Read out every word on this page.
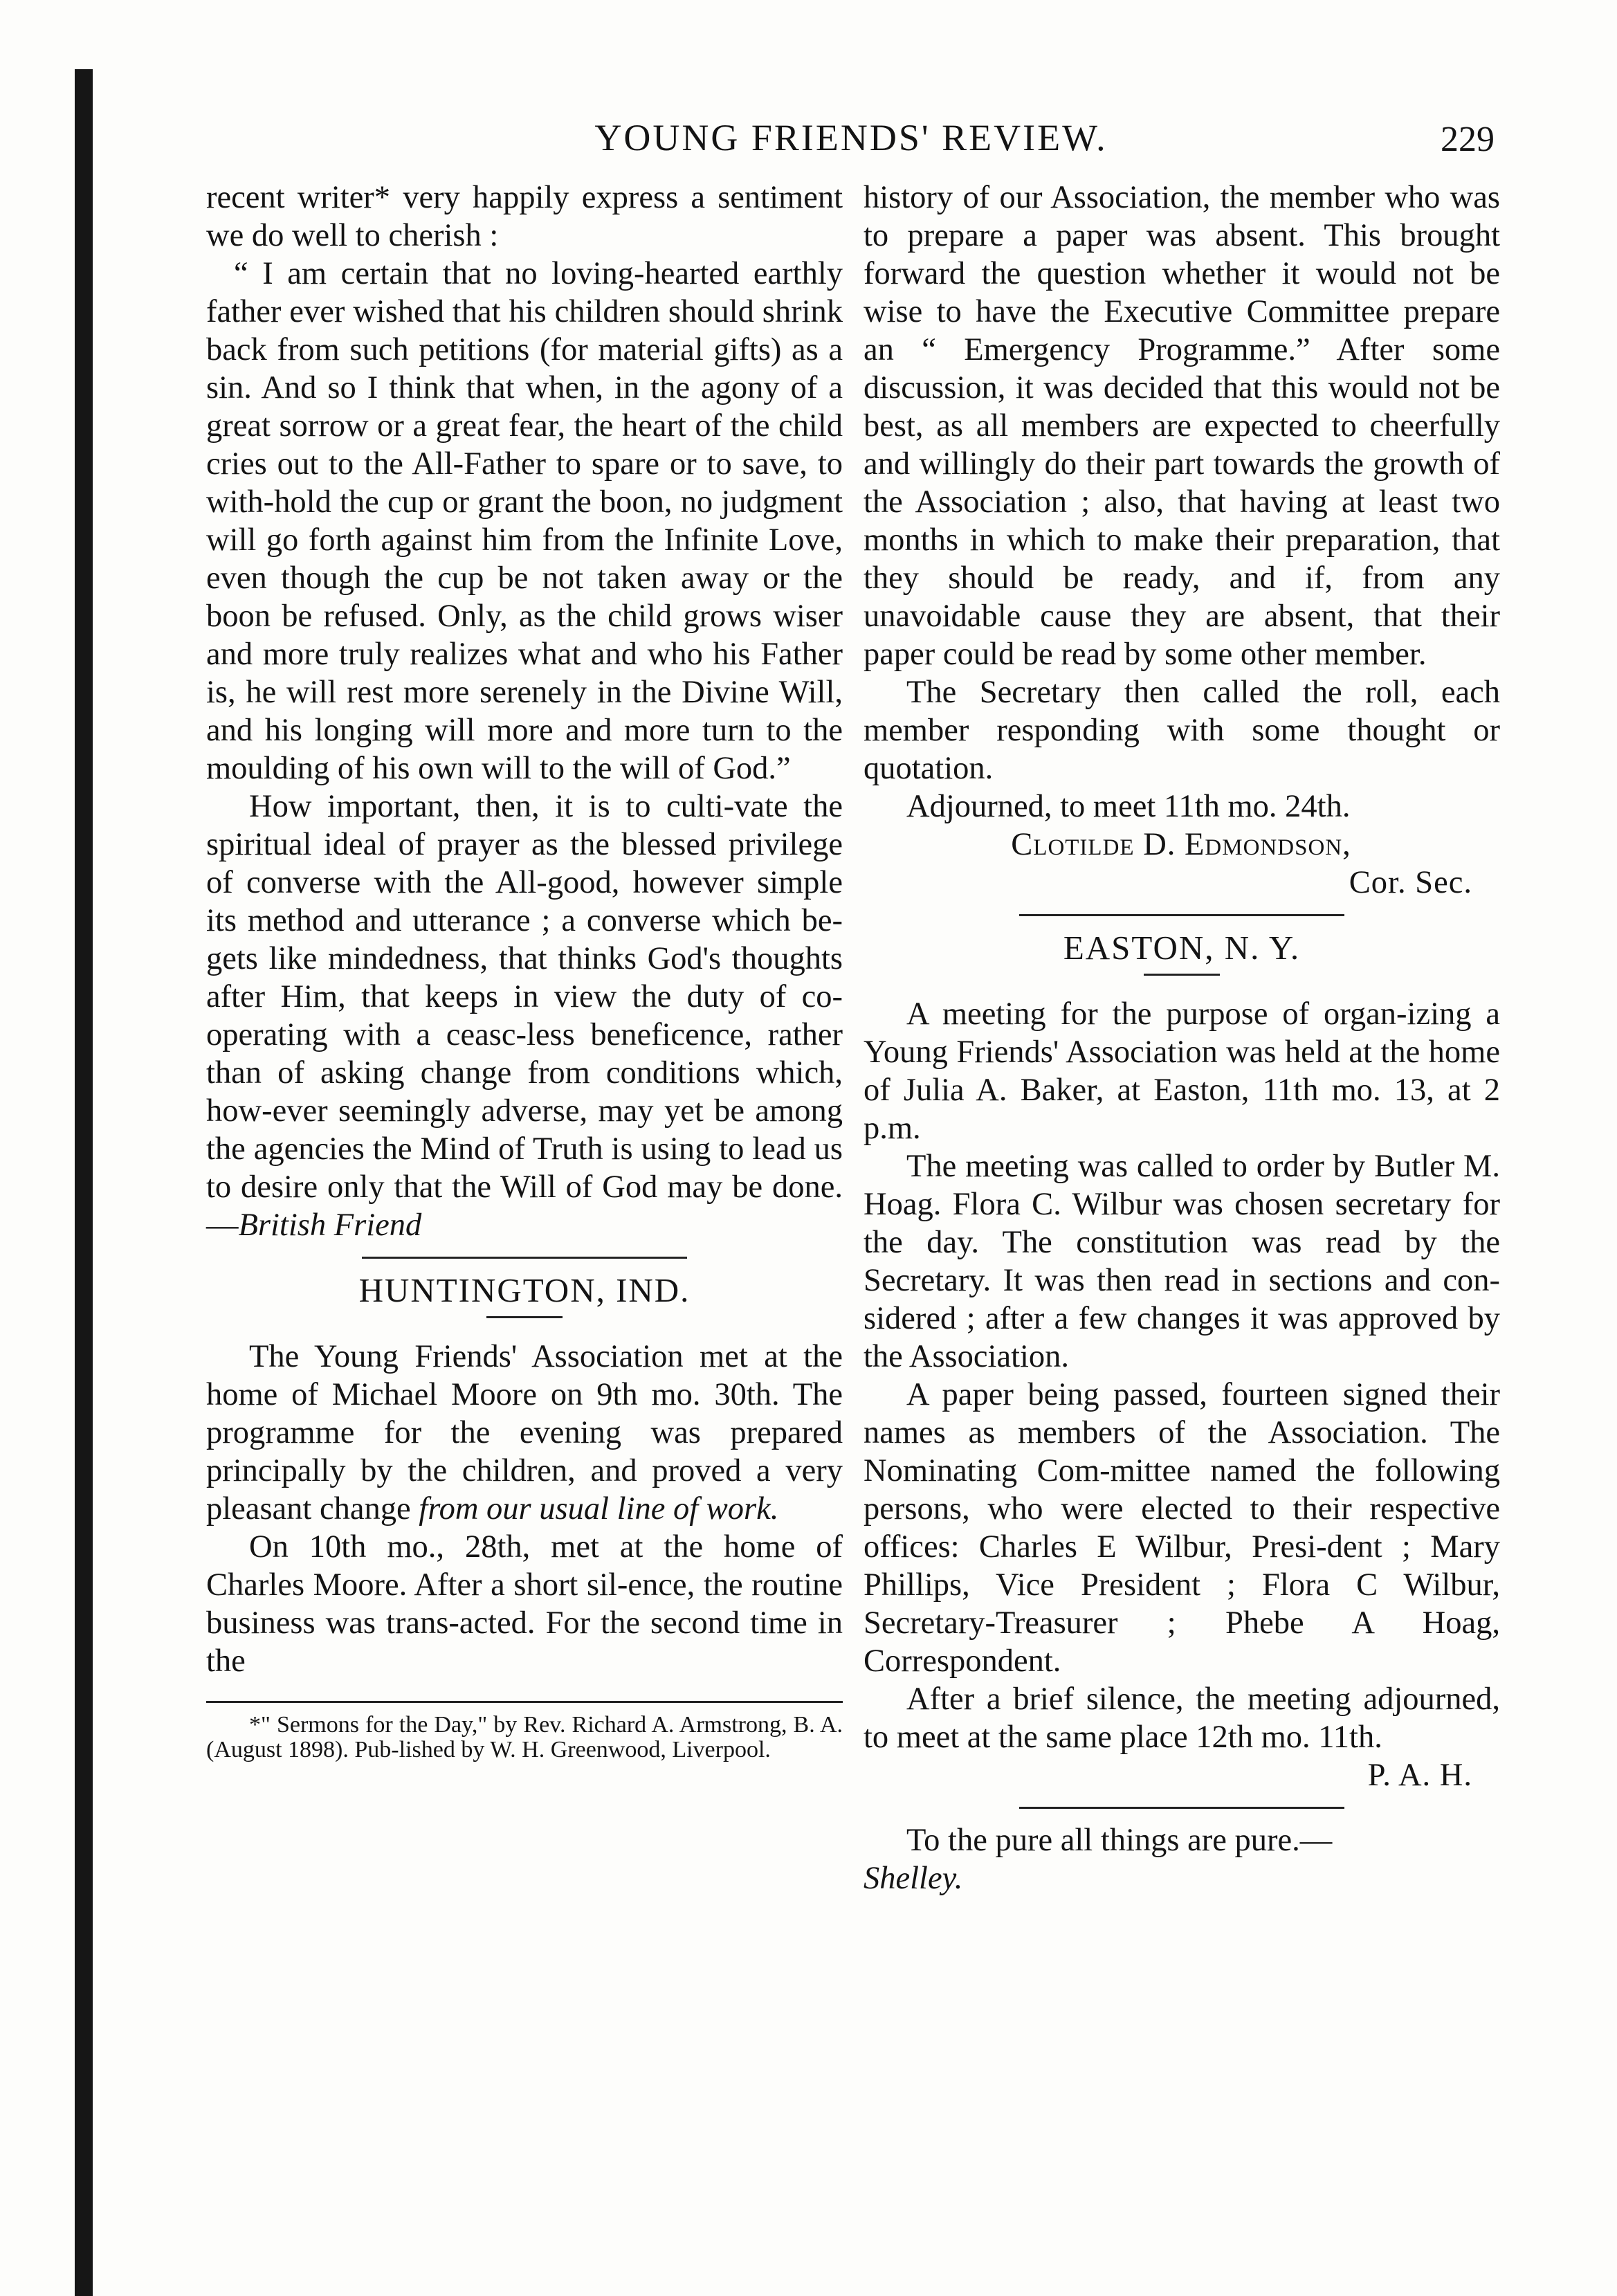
YOUNG FRIENDS' REVIEW.	229

recent writer* very happily express a sentiment we do well to cherish :

“ I am certain that no loving-hearted earthly father ever wished that his children should shrink back from such petitions (for material gifts) as a sin. And so I think that when, in the agony of a great sorrow or a great fear, the heart of the child cries out to the All-Father to spare or to save, to with-hold the cup or grant the boon, no judgment will go forth against him from the Infinite Love, even though the cup be not taken away or the boon be refused. Only, as the child grows wiser and more truly realizes what and who his Father is, he will rest more serenely in the Divine Will, and his longing will more and more turn to the moulding of his own will to the will of God.”

How important, then, it is to culti-vate the spiritual ideal of prayer as the blessed privilege of converse with the All-good, however simple its method and utterance ; a converse which be-gets like mindedness, that thinks God's thoughts after Him, that keeps in view the duty of co-operating with a ceasc-less beneficence, rather than of asking change from conditions which, how-ever seemingly adverse, may yet be among the agencies the Mind of Truth is using to lead us to desire only that the Will of God may be done.—British Friend

HUNTINGTON, IND.

The Young Friends' Association met at the home of Michael Moore on 9th mo. 30th. The programme for the evening was prepared principally by the children, and proved a very pleasant change from our usual line of work.

On 10th mo., 28th, met at the home of Charles Moore. After a short sil-ence, the routine business was trans-acted. For the second time in the

*" Sermons for the Day," by Rev. Richard A. Armstrong, B. A. (August 1898). Pub-lished by W. H. Greenwood, Liverpool.

history of our Association, the member who was to prepare a paper was absent. This brought forward the question whether it would not be wise to have the Executive Committee prepare an “ Emergency Programme.” After some discussion, it was decided that this would not be best, as all members are expected to cheerfully and willingly do their part towards the growth of the Association ; also, that having at least two months in which to make their preparation, that they should be ready, and if, from any unavoidable cause they are absent, that their paper could be read by some other member.

The Secretary then called the roll, each member responding with some thought or quotation.

Adjourned, to meet 11th mo. 24th.

Clotilde D. Edmondson,
Cor. Sec.
EASTON, N. Y.

A meeting for the purpose of organ-izing a Young Friends' Association was held at the home of Julia A. Baker, at Easton, 11th mo. 13, at 2 p.m.

The meeting was called to order by Butler M. Hoag. Flora C. Wilbur was chosen secretary for the day. The constitution was read by the Secretary. It was then read in sections and con-sidered ; after a few changes it was approved by the Association.

A paper being passed, fourteen signed their names as members of the Association. The Nominating Com-mittee named the following persons, who were elected to their respective offices: Charles E Wilbur, Presi-dent ; Mary Phillips, Vice President ; Flora C Wilbur, Secretary-Treasurer ; Phebe A Hoag, Correspondent.

After a brief silence, the meeting adjourned, to meet at the same place 12th mo. 11th.

P. A. H.

To the pure all things are pure.—
Shelley.
